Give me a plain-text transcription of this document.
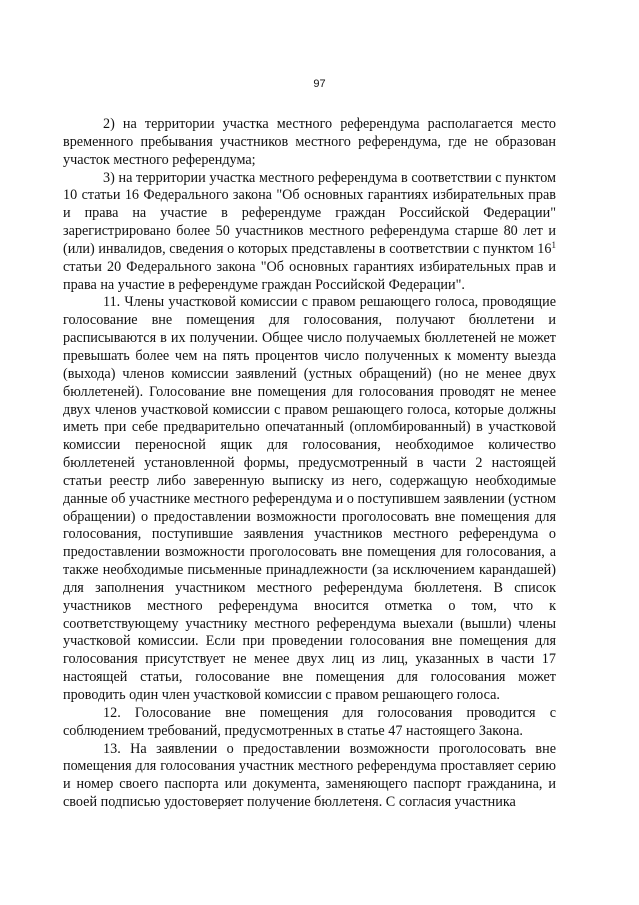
97

2) на территории участка местного референдума располагается место временного пребывания участников местного референдума, где не образован участок местного референдума;

3) на территории участка местного референдума в соответствии с пунктом 10 статьи 16 Федерального закона "Об основных гарантиях избирательных прав и права на участие в референдуме граждан Российской Федерации" зарегистрировано более 50 участников местного референдума старше 80 лет и (или) инвалидов, сведения о которых представлены в соответствии с пунктом $16^1$ статьи 20 Федерального закона "Об основных гарантиях избирательных прав и права на участие в референдуме граждан Российской Федерации".

11. Члены участковой комиссии с правом решающего голоса, проводящие голосование вне помещения для голосования, получают бюллетени и расписываются в их получении. Общее число получаемых бюллетеней не может превышать более чем на пять процентов число полученных к моменту выезда (выхода) членов комиссии заявлений (устных обращений) (но не менее двух бюллетеней). Голосование вне помещения для голосования проводят не менее двух членов участковой комиссии с правом решающего голоса, которые должны иметь при себе предварительно опечатанный (опломбированный) в участковой комиссии переносной ящик для голосования, необходимое количество бюллетеней установленной формы, предусмотренный в части 2 настоящей статьи реестр либо заверенную выписку из него, содержащую необходимые данные об участнике местного референдума и о поступившем заявлении (устном обращении) о предоставлении возможности проголосовать вне помещения для голосования, поступившие заявления участников местного референдума о предоставлении возможности проголосовать вне помещения для голосования, а также необходимые письменные принадлежности (за исключением карандашей) для заполнения участником местного референдума бюллетеня. В список участников местного референдума вносится отметка о том, что к соответствующему участнику местного референдума выехали (вышли) члены участковой комиссии. Если при проведении голосования вне помещения для голосования присутствует не менее двух лиц из лиц, указанных в части 17 настоящей статьи, голосование вне помещения для голосования может проводить один член участковой комиссии с правом решающего голоса.

12. Голосование вне помещения для голосования проводится с соблюдением требований, предусмотренных в статье 47 настоящего Закона.

13. На заявлении о предоставлении возможности проголосовать вне помещения для голосования участник местного референдума проставляет серию и номер своего паспорта или документа, заменяющего паспорт гражданина, и своей подписью удостоверяет получение бюллетеня. С согласия участника
